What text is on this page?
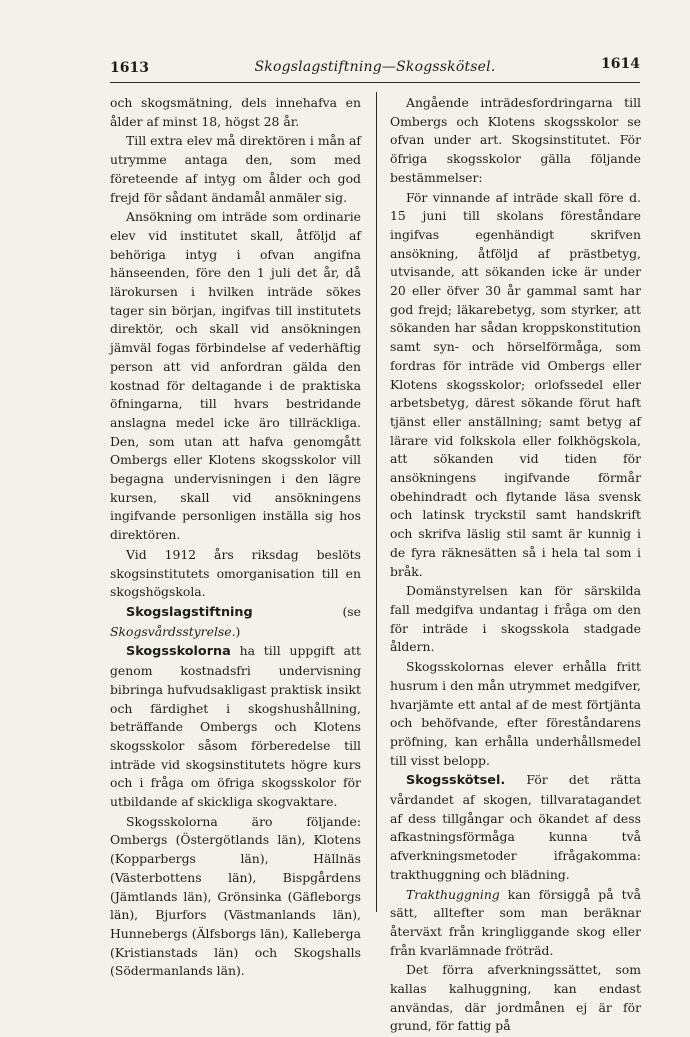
1613	Skogslagstiftning—Skogsskötsel.	1614

och skogsmätning, dels innehafva en ålder af minst 18, högst 28 år.

Till extra elev må direktören i mån af utrymme antaga den, som med företeende af intyg om ålder och god frejd för sådant ändamål anmäler sig.

Ansökning om inträde som ordinarie elev vid institutet skall, åtföljd af behöriga intyg i ofvan angifna hänseenden, före den 1 juli det år, då lärokursen i hvilken inträde sökes tager sin början, ingifvas till institutets direktör, och skall vid ansökningen jämväl fogas förbindelse af vederhäftig person att vid anfordran gälda den kostnad för deltagande i de praktiska öfningarna, till hvars bestridande anslagna medel icke äro tillräckliga. Den, som utan att hafva genomgått Ombergs eller Klotens skogsskolor vill begagna undervisningen i den lägre kursen, skall vid ansökningens ingifvande personligen inställa sig hos direktören.

Vid 1912 års riksdag beslöts skogsinstitutets omorganisation till en skogshögskola.

Skogslagstiftning (se Skogsvårdsstyrelse.)

Skogsskolorna ha till uppgift att genom kostnadsfri undervisning bibringa hufvudsakligast praktisk insikt och färdighet i skogshushållning, beträffande Ombergs och Klotens skogsskolor såsom förberedelse till inträde vid skogsinstitutets högre kurs och i fråga om öfriga skogsskolor för utbildande af skickliga skogvaktare.

Skogsskolorna äro följande: Ombergs (Östergötlands län), Klotens (Kopparbergs län), Hällnäs (Västerbottens län), Bispgårdens (Jämtlands län), Grönsinka (Gäfleborgs län), Bjurfors (Västmanlands län), Hunnebergs (Älfsborgs län), Kalleberga (Kristianstads län) och Skogshalls (Södermanlands län).

Angående inträdesfordringarna till Ombergs och Klotens skogsskolor se ofvan under art. Skogsinstitutet. För öfriga skogsskolor gälla följande bestämmelser:

För vinnande af inträde skall före d. 15 juni till skolans föreståndare ingifvas egenhändigt skrifven ansökning, åtföljd af prästbetyg, utvisande, att sökanden icke är under 20 eller öfver 30 år gammal samt har god frejd; läkarebetyg, som styrker, att sökanden har sådan kroppskonstitution samt syn- och hörselförmåga, som fordras för inträde vid Ombergs eller Klotens skogsskolor; orlofssedel eller arbetsbetyg, därest sökande förut haft tjänst eller anställning; samt betyg af lärare vid folkskola eller folkhögskola, att sökanden vid tiden för ansökningens ingifvande förmår obehindradt och flytande läsa svensk och latinsk tryckstil samt handskrift och skrifva läslig stil samt är kunnig i de fyra räknesätten så i hela tal som i bråk.

Domänstyrelsen kan för särskilda fall medgifva undantag i fråga om den för inträde i skogsskola stadgade åldern.

Skogsskolornas elever erhålla fritt husrum i den mån utrymmet medgifver, hvarjämte ett antal af de mest förtjänta och behöfvande, efter föreståndarens pröfning, kan erhålla underhållsmedel till visst belopp.

Skogsskötsel. För det rätta vårdandet af skogen, tillvaratagandet af dess tillgångar och ökandet af dess afkastningsförmåga kunna två afverkningsmetoder ifrågakomma: trakthuggning och blädning.

Trakthuggning kan försiggå på två sätt, alltefter som man beräknar återväxt från kringliggande skog eller från kvarlämnade fröträd.

Det förra afverkningssättet, som kallas kalhuggning, kan endast användas, där jordmånen ej är för grund, för fattig på
